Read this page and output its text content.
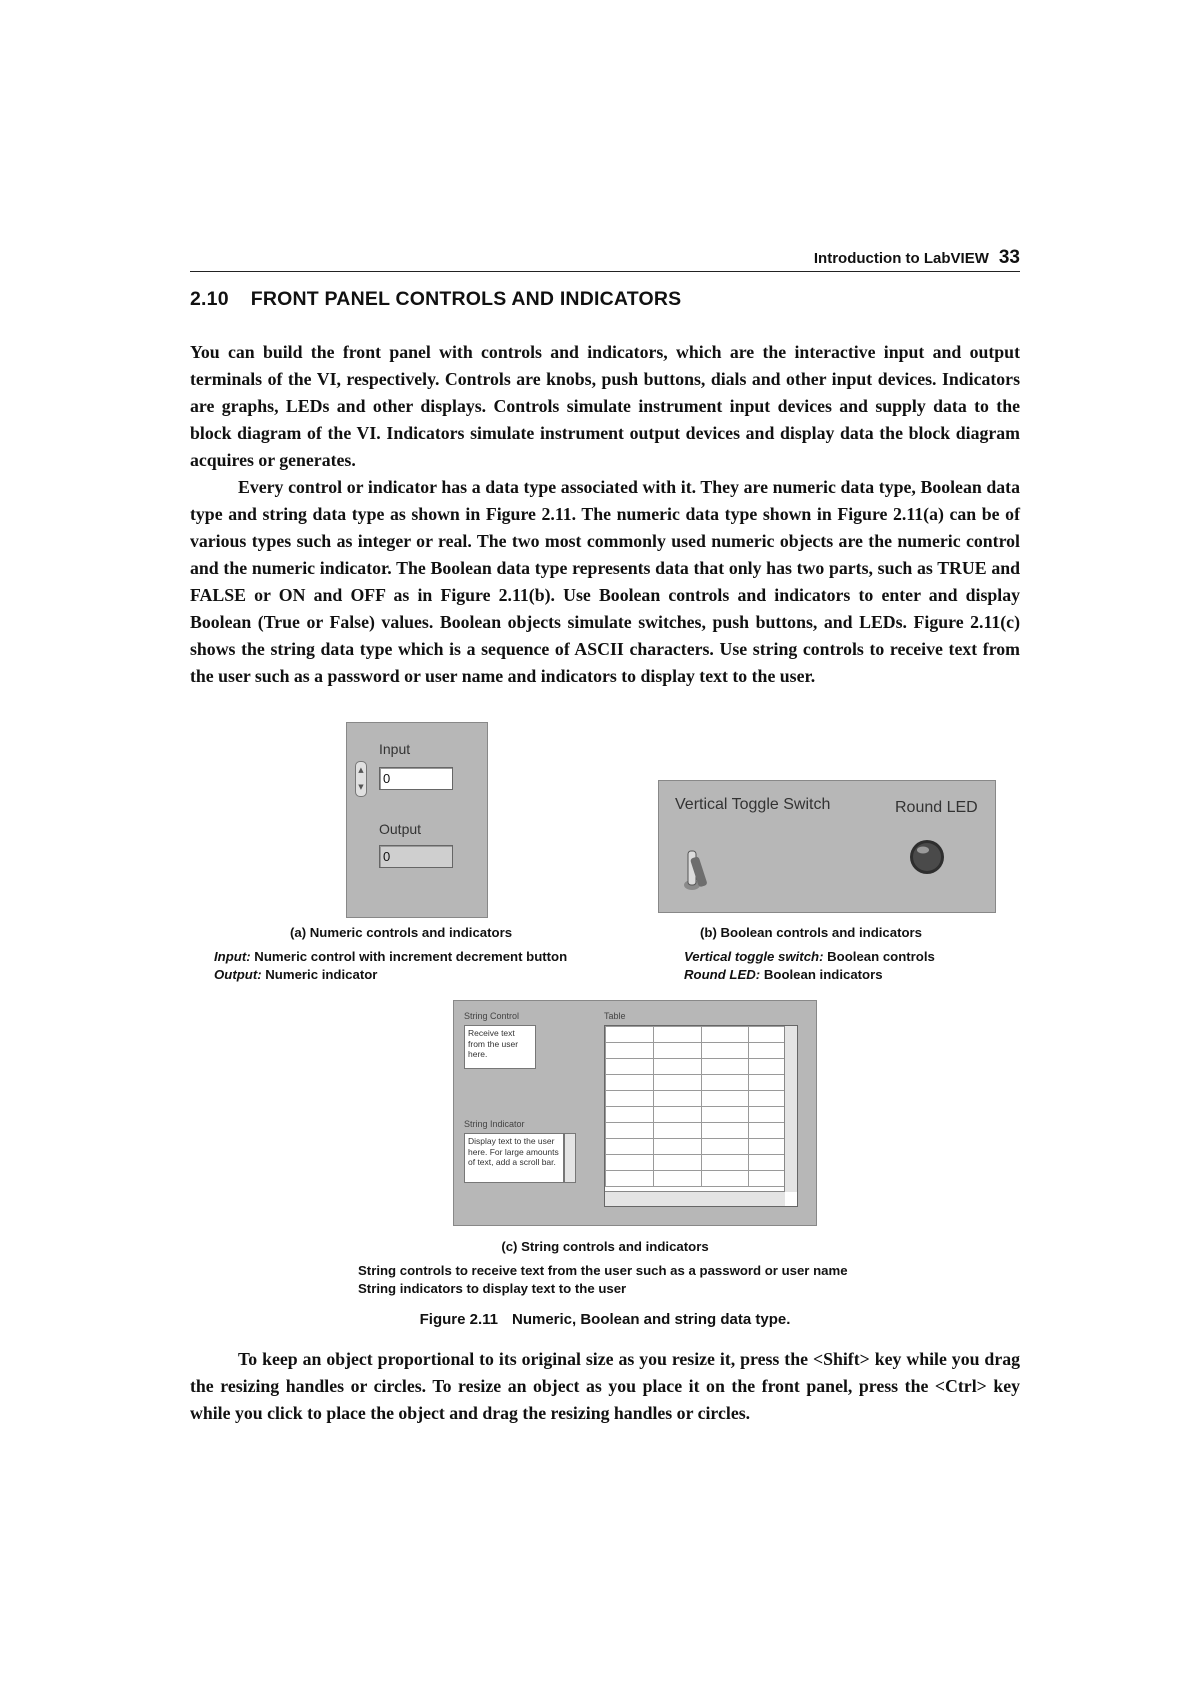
Introduction to LabVIEW 33
2.10 FRONT PANEL CONTROLS AND INDICATORS

You can build the front panel with controls and indicators, which are the interactive input and output terminals of the VI, respectively. Controls are knobs, push buttons, dials and other input devices. Indicators are graphs, LEDs and other displays. Controls simulate instrument input devices and supply data to the block diagram of the VI. Indicators simulate instrument output devices and display data the block diagram acquires or generates.

Every control or indicator has a data type associated with it. They are numeric data type, Boolean data type and string data type as shown in Figure 2.11. The numeric data type shown in Figure 2.11(a) can be of various types such as integer or real. The two most commonly used numeric objects are the numeric control and the numeric indicator. The Boolean data type represents data that only has two parts, such as TRUE and FALSE or ON and OFF as in Figure 2.11(b). Use Boolean controls and indicators to enter and display Boolean (True or False) values. Boolean objects simulate switches, push buttons, and LEDs. Figure 2.11(c) shows the string data type which is a sequence of ASCII characters. Use string controls to receive text from the user such as a password or user name and indicators to display text to the user.

Input
▲
▼
0
Output
0
Vertical Toggle Switch	Round LED
(a) Numeric controls and indicators
Input: Numeric control with increment decrement button
Output: Numeric indicator
(b) Boolean controls and indicators
Vertical toggle switch: Boolean controls
Round LED: Boolean indicators
String Control
Receive text from the user here.
String Indicator
Display text to the user here. For large amounts of text, add a scroll bar.
Table

(c) String controls and indicators
String controls to receive text from the user such as a password or user name
String indicators to display text to the user
Figure 2.11 Numeric, Boolean and string data type.

To keep an object proportional to its original size as you resize it, press the <Shift> key while you drag the resizing handles or circles. To resize an object as you place it on the front panel, press the <Ctrl> key while you click to place the object and drag the resizing handles or circles.
